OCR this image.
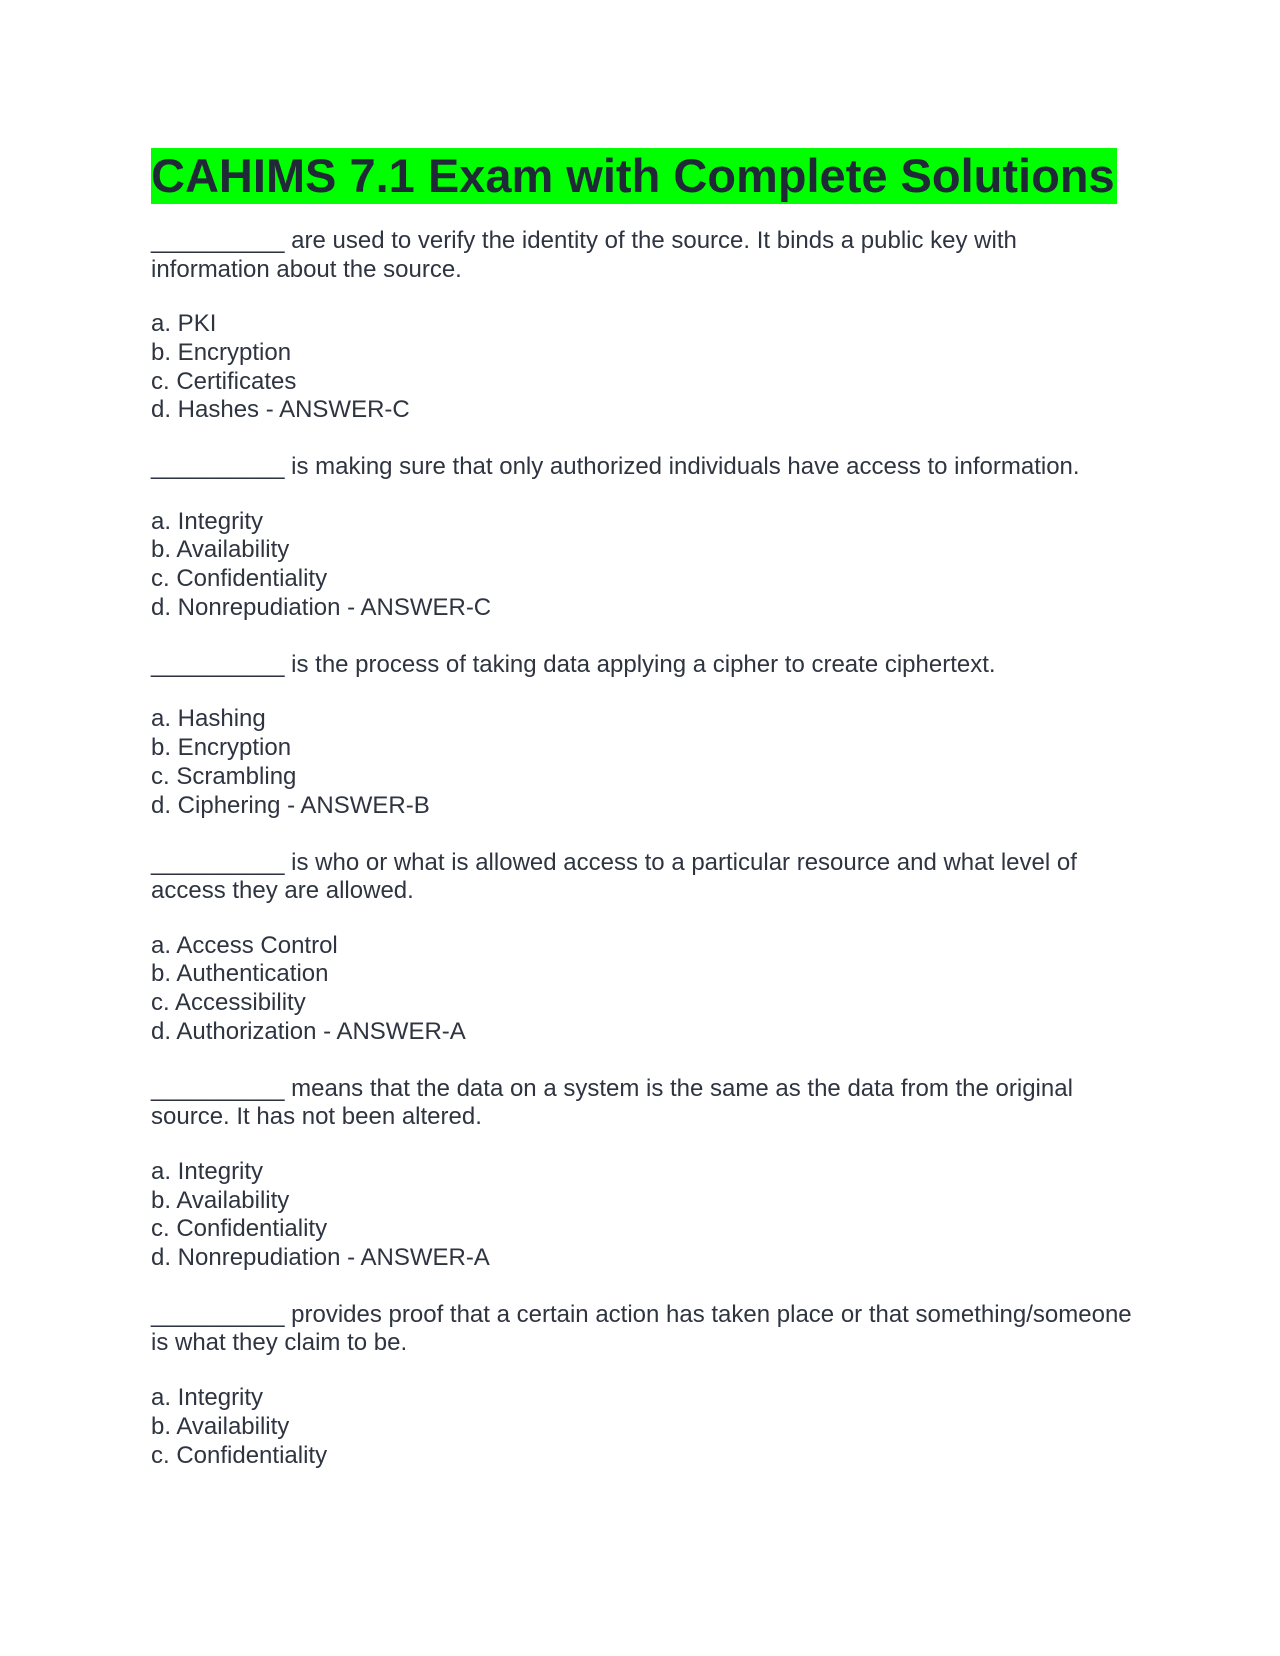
CAHIMS 7.1 Exam with Complete Solutions
__________ are used to verify the identity of the source. It binds a public key with information about the source.
a. PKI
b. Encryption
c. Certificates
d. Hashes - ANSWER-C
__________ is making sure that only authorized individuals have access to information.
a. Integrity
b. Availability
c. Confidentiality
d. Nonrepudiation - ANSWER-C
__________ is the process of taking data applying a cipher to create ciphertext.
a. Hashing
b. Encryption
c. Scrambling
d. Ciphering - ANSWER-B
__________ is who or what is allowed access to a particular resource and what level of access they are allowed.
a. Access Control
b. Authentication
c. Accessibility
d. Authorization - ANSWER-A
__________ means that the data on a system is the same as the data from the original source. It has not been altered.
a. Integrity
b. Availability
c. Confidentiality
d. Nonrepudiation - ANSWER-A
__________ provides proof that a certain action has taken place or that something/someone is what they claim to be.
a. Integrity
b. Availability
c. Confidentiality
